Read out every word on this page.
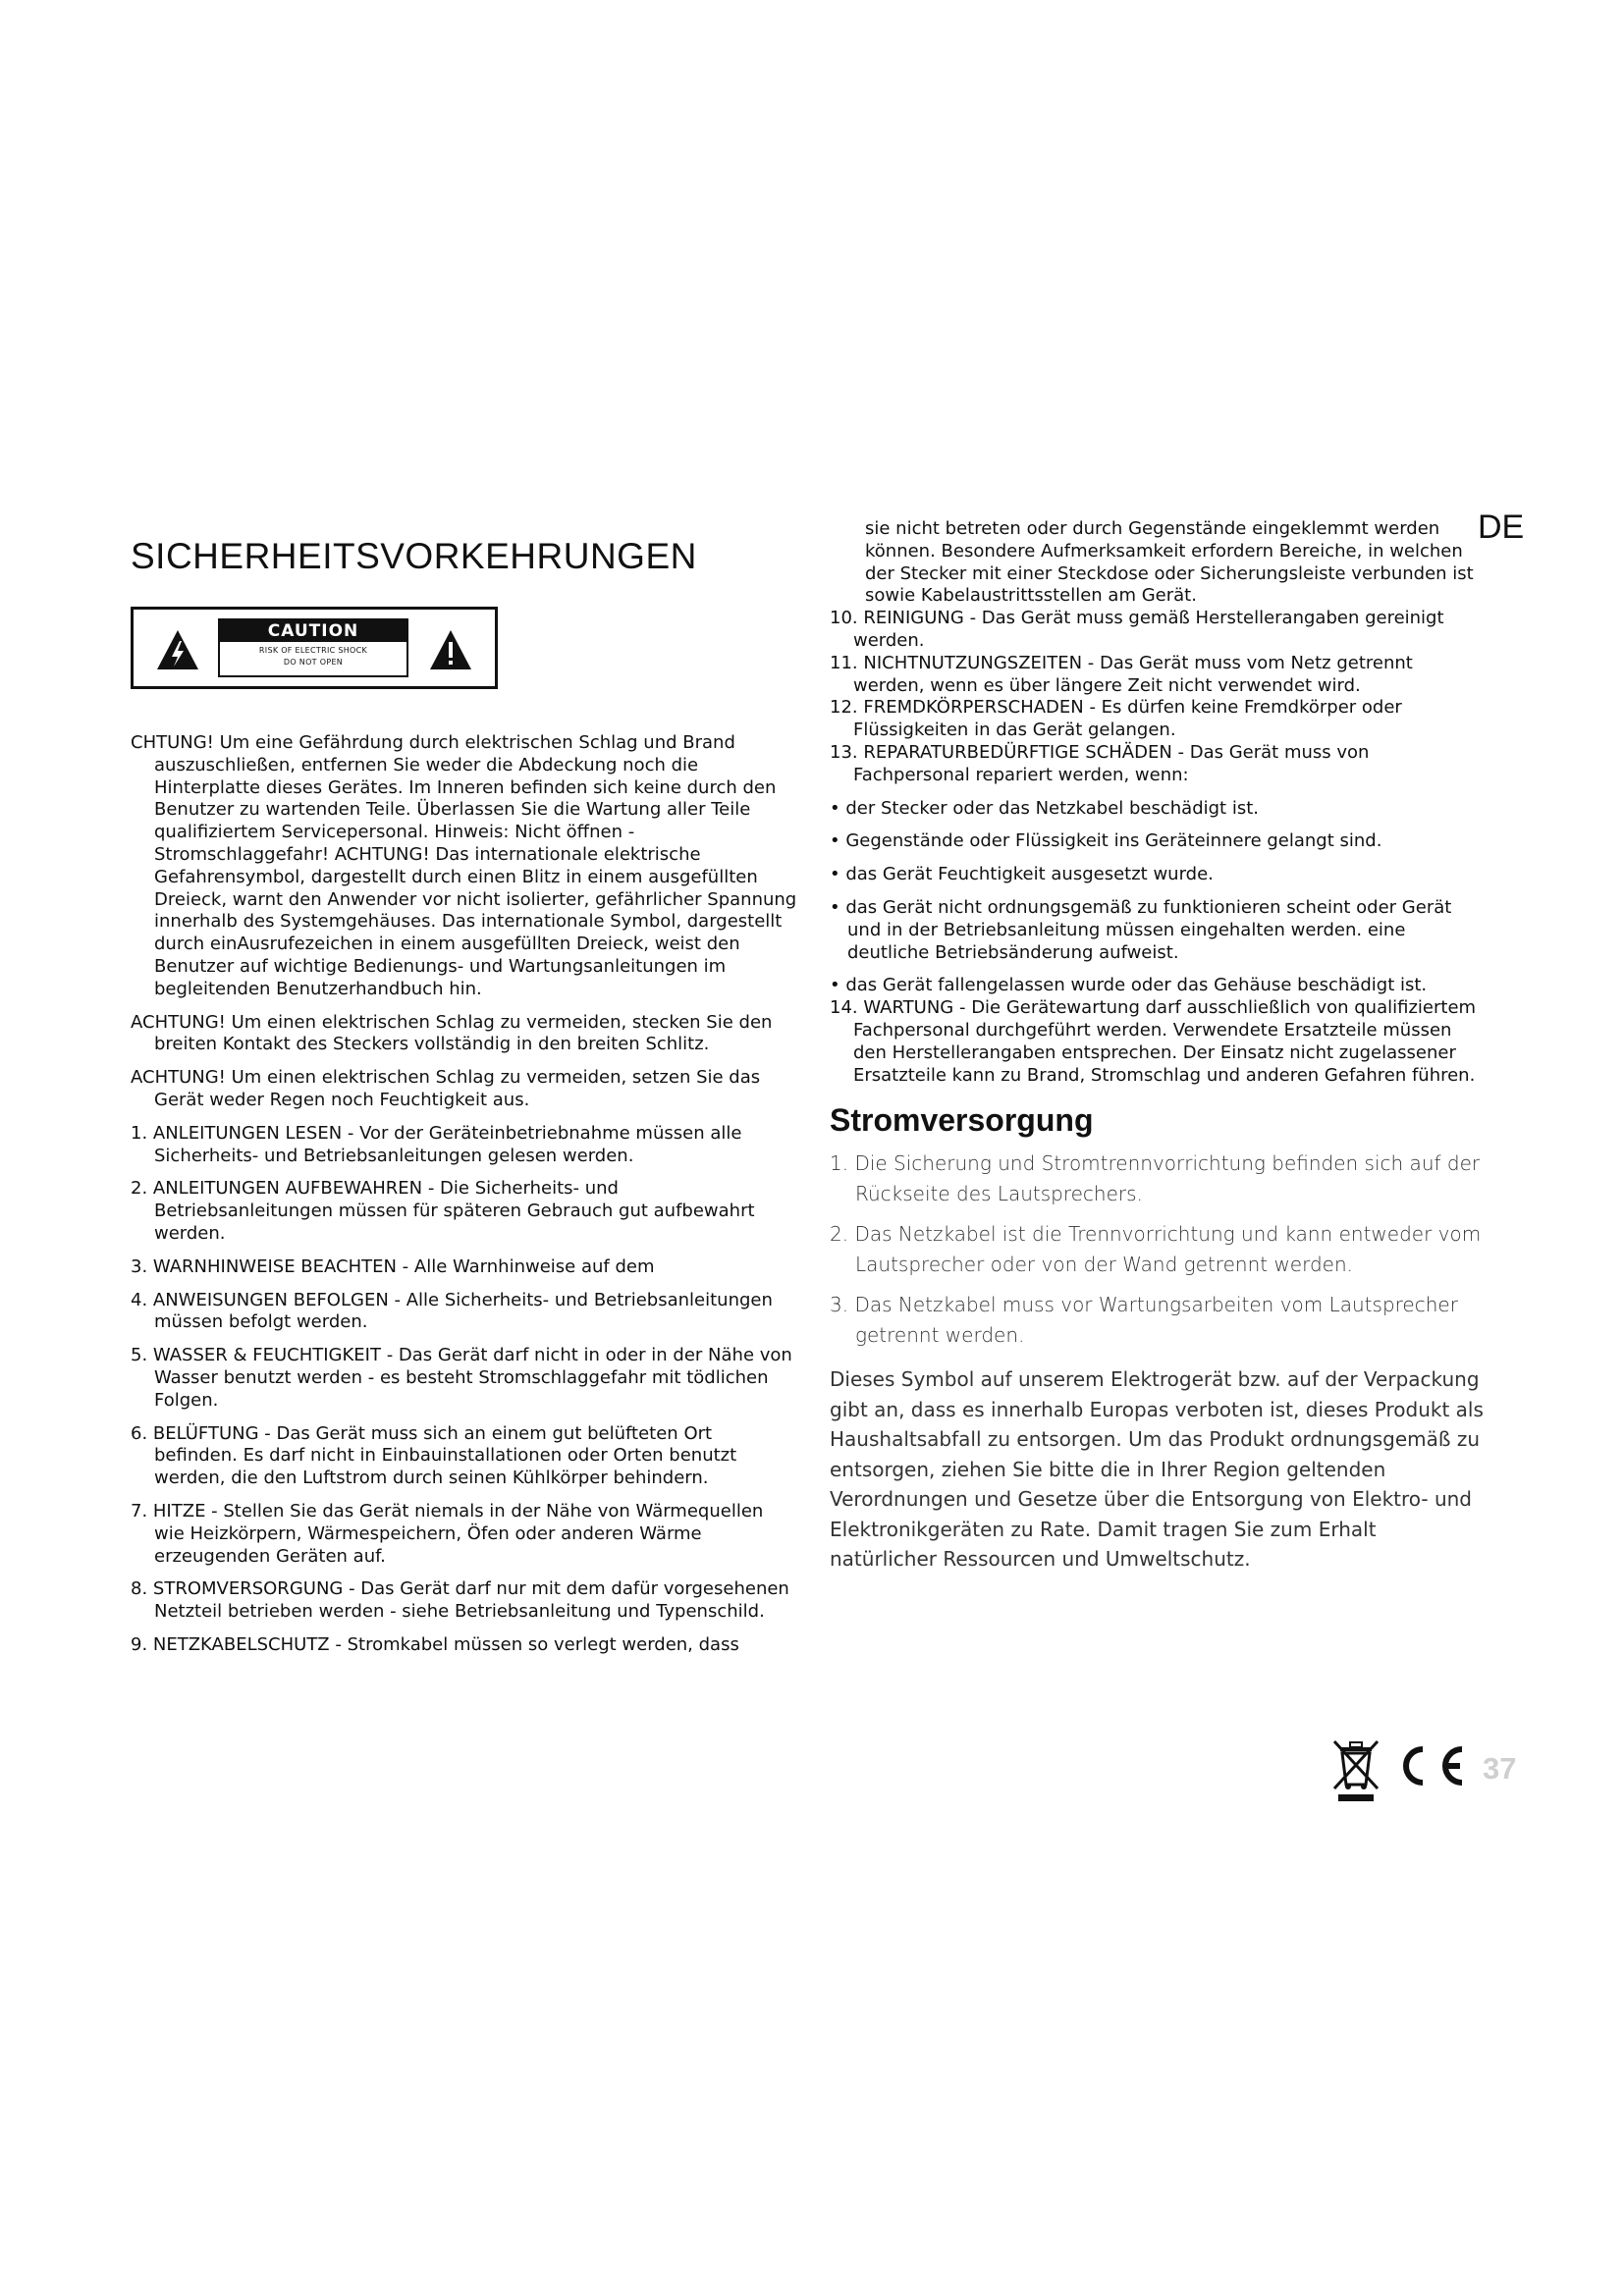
DE
SICHERHEITSVORKEHRUNGEN
CAUTION
RISK OF ELECTRIC SHOCK
DO NOT OPEN

CHTUNG! Um eine Gefährdung durch elektrischen Schlag und Brand auszuschließen, entfernen Sie weder die Abdeckung noch die Hinterplatte dieses Gerätes. Im Inneren befinden sich keine durch den Benutzer zu wartenden Teile. Überlassen Sie die Wartung aller Teile qualifiziertem Servicepersonal. Hinweis: Nicht öffnen - Stromschlaggefahr! ACHTUNG! Das internationale elektrische Gefahrensymbol, dargestellt durch einen Blitz in einem ausgefüllten Dreieck, warnt den Anwender vor nicht isolierter, gefährlicher Spannung innerhalb des Systemgehäuses. Das internationale Symbol, dargestellt durch einAusrufezeichen in einem ausgefüllten Dreieck, weist den Benutzer auf wichtige Bedienungs- und Wartungsanleitungen im begleitenden Benutzerhandbuch hin.

ACHTUNG! Um einen elektrischen Schlag zu vermeiden, stecken Sie den breiten Kontakt des Steckers vollständig in den breiten Schlitz.

ACHTUNG! Um einen elektrischen Schlag zu vermeiden, setzen Sie das Gerät weder Regen noch Feuchtigkeit aus.

1. ANLEITUNGEN LESEN - Vor der Geräteinbetriebnahme müssen alle Sicherheits- und Betriebsanleitungen gelesen werden.

2. ANLEITUNGEN AUFBEWAHREN - Die Sicherheits- und Betriebsanleitungen müssen für späteren Gebrauch gut aufbewahrt werden.

3. WARNHINWEISE BEACHTEN - Alle Warnhinweise auf dem

4. ANWEISUNGEN BEFOLGEN - Alle Sicherheits- und Betriebsanleitungen müssen befolgt werden.

5. WASSER & FEUCHTIGKEIT - Das Gerät darf nicht in oder in der Nähe von Wasser benutzt werden - es besteht Stromschlaggefahr mit tödlichen Folgen.

6. BELÜFTUNG - Das Gerät muss sich an einem gut belüfteten Ort befinden. Es darf nicht in Einbauinstallationen oder Orten benutzt werden, die den Luftstrom durch seinen Kühlkörper behindern.

7. HITZE - Stellen Sie das Gerät niemals in der Nähe von Wärmequellen wie Heizkörpern, Wärmespeichern, Öfen oder anderen Wärme erzeugenden Geräten auf.

8. STROMVERSORGUNG - Das Gerät darf nur mit dem dafür vorgesehenen Netzteil betrieben werden - siehe Betriebsanleitung und Typenschild.

9. NETZKABELSCHUTZ - Stromkabel müssen so verlegt werden, dass

sie nicht betreten oder durch Gegenstände eingeklemmt werden können. Besondere Aufmerksamkeit erfordern Bereiche, in welchen der Stecker mit einer Steckdose oder Sicherungsleiste verbunden ist sowie Kabelaustrittsstellen am Gerät.

10. REINIGUNG - Das Gerät muss gemäß Herstellerangaben gereinigt werden.

11. NICHTNUTZUNGSZEITEN - Das Gerät muss vom Netz getrennt werden, wenn es über längere Zeit nicht verwendet wird.

12. FREMDKÖRPERSCHADEN - Es dürfen keine Fremdkörper oder Flüssigkeiten in das Gerät gelangen.

13. REPARATURBEDÜRFTIGE SCHÄDEN - Das Gerät muss von Fachpersonal repariert werden, wenn:

• der Stecker oder das Netzkabel beschädigt ist.

• Gegenstände oder Flüssigkeit ins Geräteinnere gelangt sind.

• das Gerät Feuchtigkeit ausgesetzt wurde.

• das Gerät nicht ordnungsgemäß zu funktionieren scheint oder Gerät und in der Betriebsanleitung müssen eingehalten werden. eine deutliche Betriebsänderung aufweist.

• das Gerät fallengelassen wurde oder das Gehäuse beschädigt ist.

14. WARTUNG - Die Gerätewartung darf ausschließlich von qualifiziertem Fachpersonal durchgeführt werden. Verwendete Ersatzteile müssen den Herstellerangaben entsprechen. Der Einsatz nicht zugelassener Ersatzteile kann zu Brand, Stromschlag und anderen Gefahren führen.

Stromversorgung

1. Die Sicherung und Stromtrennvorrichtung befinden sich auf der Rückseite des Lautsprechers.

2. Das Netzkabel ist die Trennvorrichtung und kann entweder vom Lautsprecher oder von der Wand getrennt werden.

3. Das Netzkabel muss vor Wartungsarbeiten vom Lautsprecher getrennt werden.

Dieses Symbol auf unserem Elektrogerät bzw. auf der Verpackung gibt an, dass es innerhalb Europas verboten ist, dieses Produkt als Haushaltsabfall zu entsorgen. Um das Produkt ordnungsgemäß zu entsorgen, ziehen Sie bitte die in Ihrer Region geltenden Verordnungen und Gesetze über die Entsorgung von Elektro- und Elektronikgeräten zu Rate. Damit tragen Sie zum Erhalt natürlicher Ressourcen und Umweltschutz.

37
